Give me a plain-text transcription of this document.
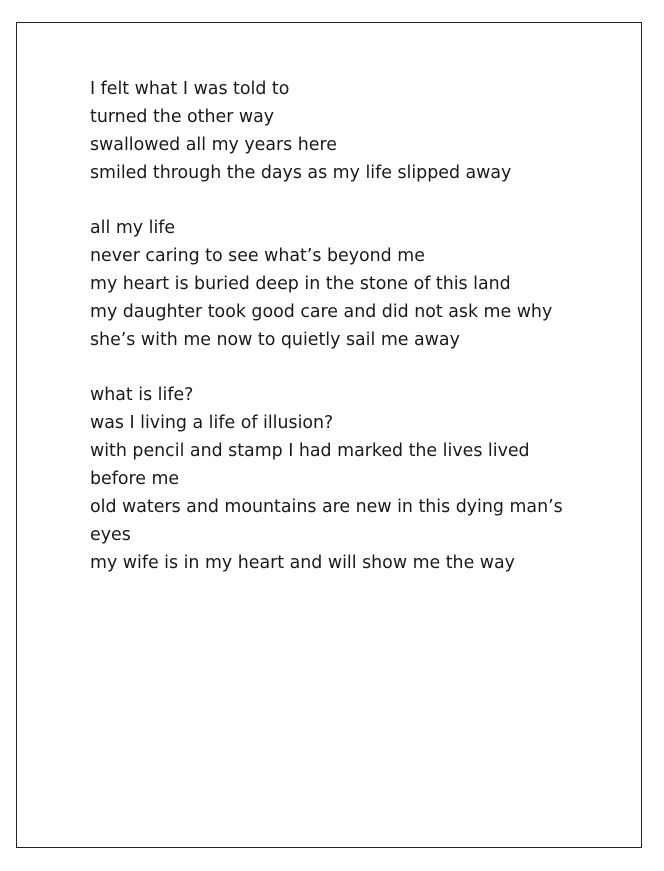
I felt what I was told to
turned the other way
swallowed all my years here
smiled through the days as my life slipped away
all my life
never caring to see what’s beyond me
my heart is buried deep in the stone of this land
my daughter took good care and did not ask me why
she’s with me now to quietly sail me away
what is life?
was I living a life of illusion?
with pencil and stamp I had marked the lives lived before me
old waters and mountains are new in this dying man’s eyes
my wife is in my heart and will show me the way
